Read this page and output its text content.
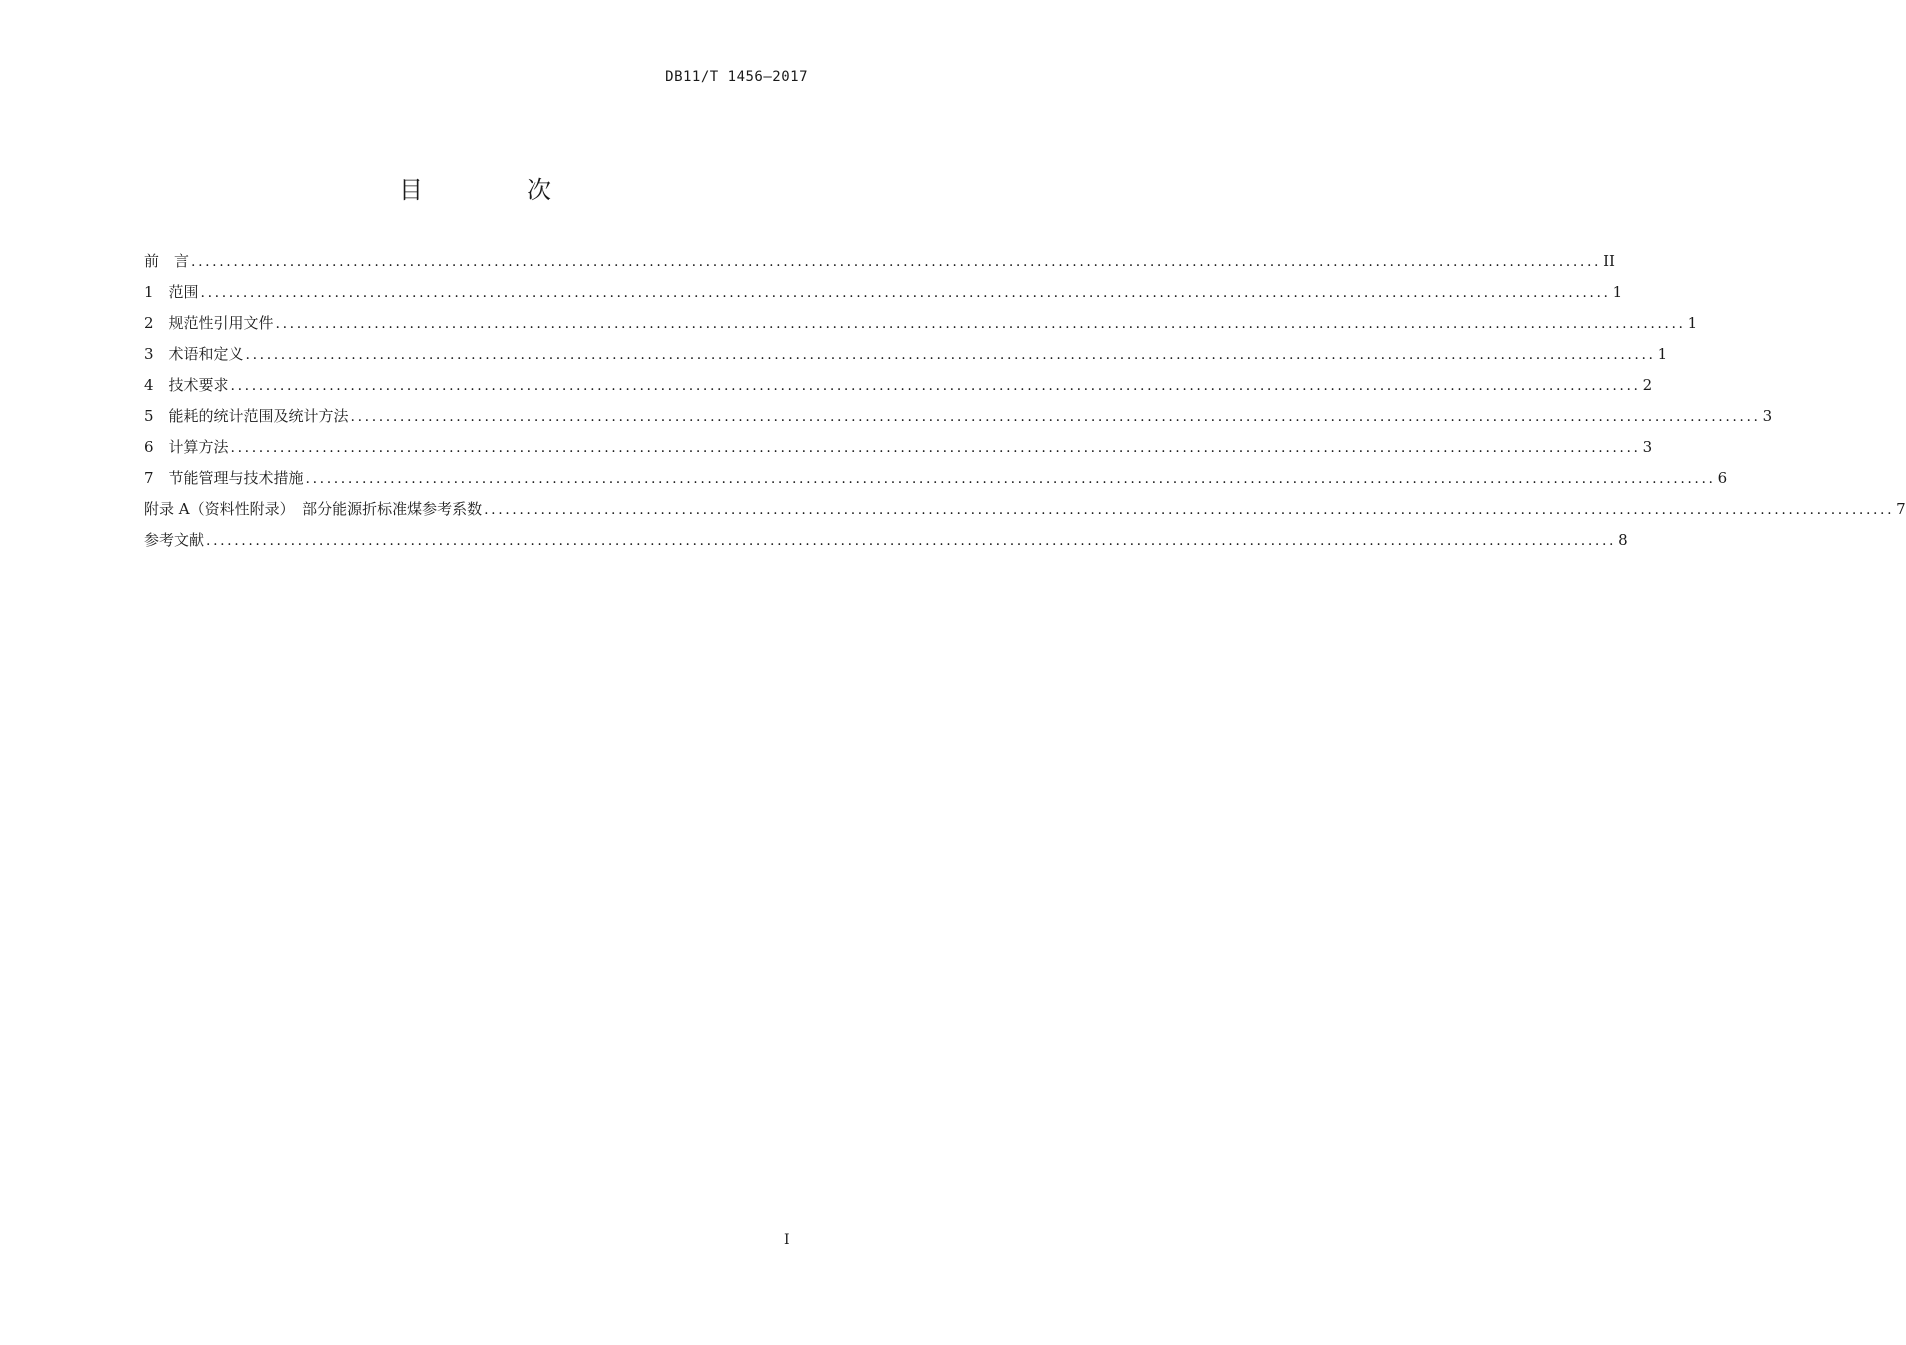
DB11/T 1456—2017
目　次
前　言 ........................................................................................................................................................................................................ II
1　范围 ........................................................................................................................................................................................................ 1
2　规范性引用文件 ........................................................................................................................................................................................................ 1
3　术语和定义 ........................................................................................................................................................................................................ 1
4　技术要求 ........................................................................................................................................................................................................ 2
5　能耗的统计范围及统计方法 ........................................................................................................................................................................................................ 3
6　计算方法 ........................................................................................................................................................................................................ 3
7　节能管理与技术措施 ........................................................................................................................................................................................................ 6
附录 A（资料性附录）　部分能源折标准煤参考系数 ........................................................................................................................................................................................................ 7
参考文献 ........................................................................................................................................................................................................ 8
I
